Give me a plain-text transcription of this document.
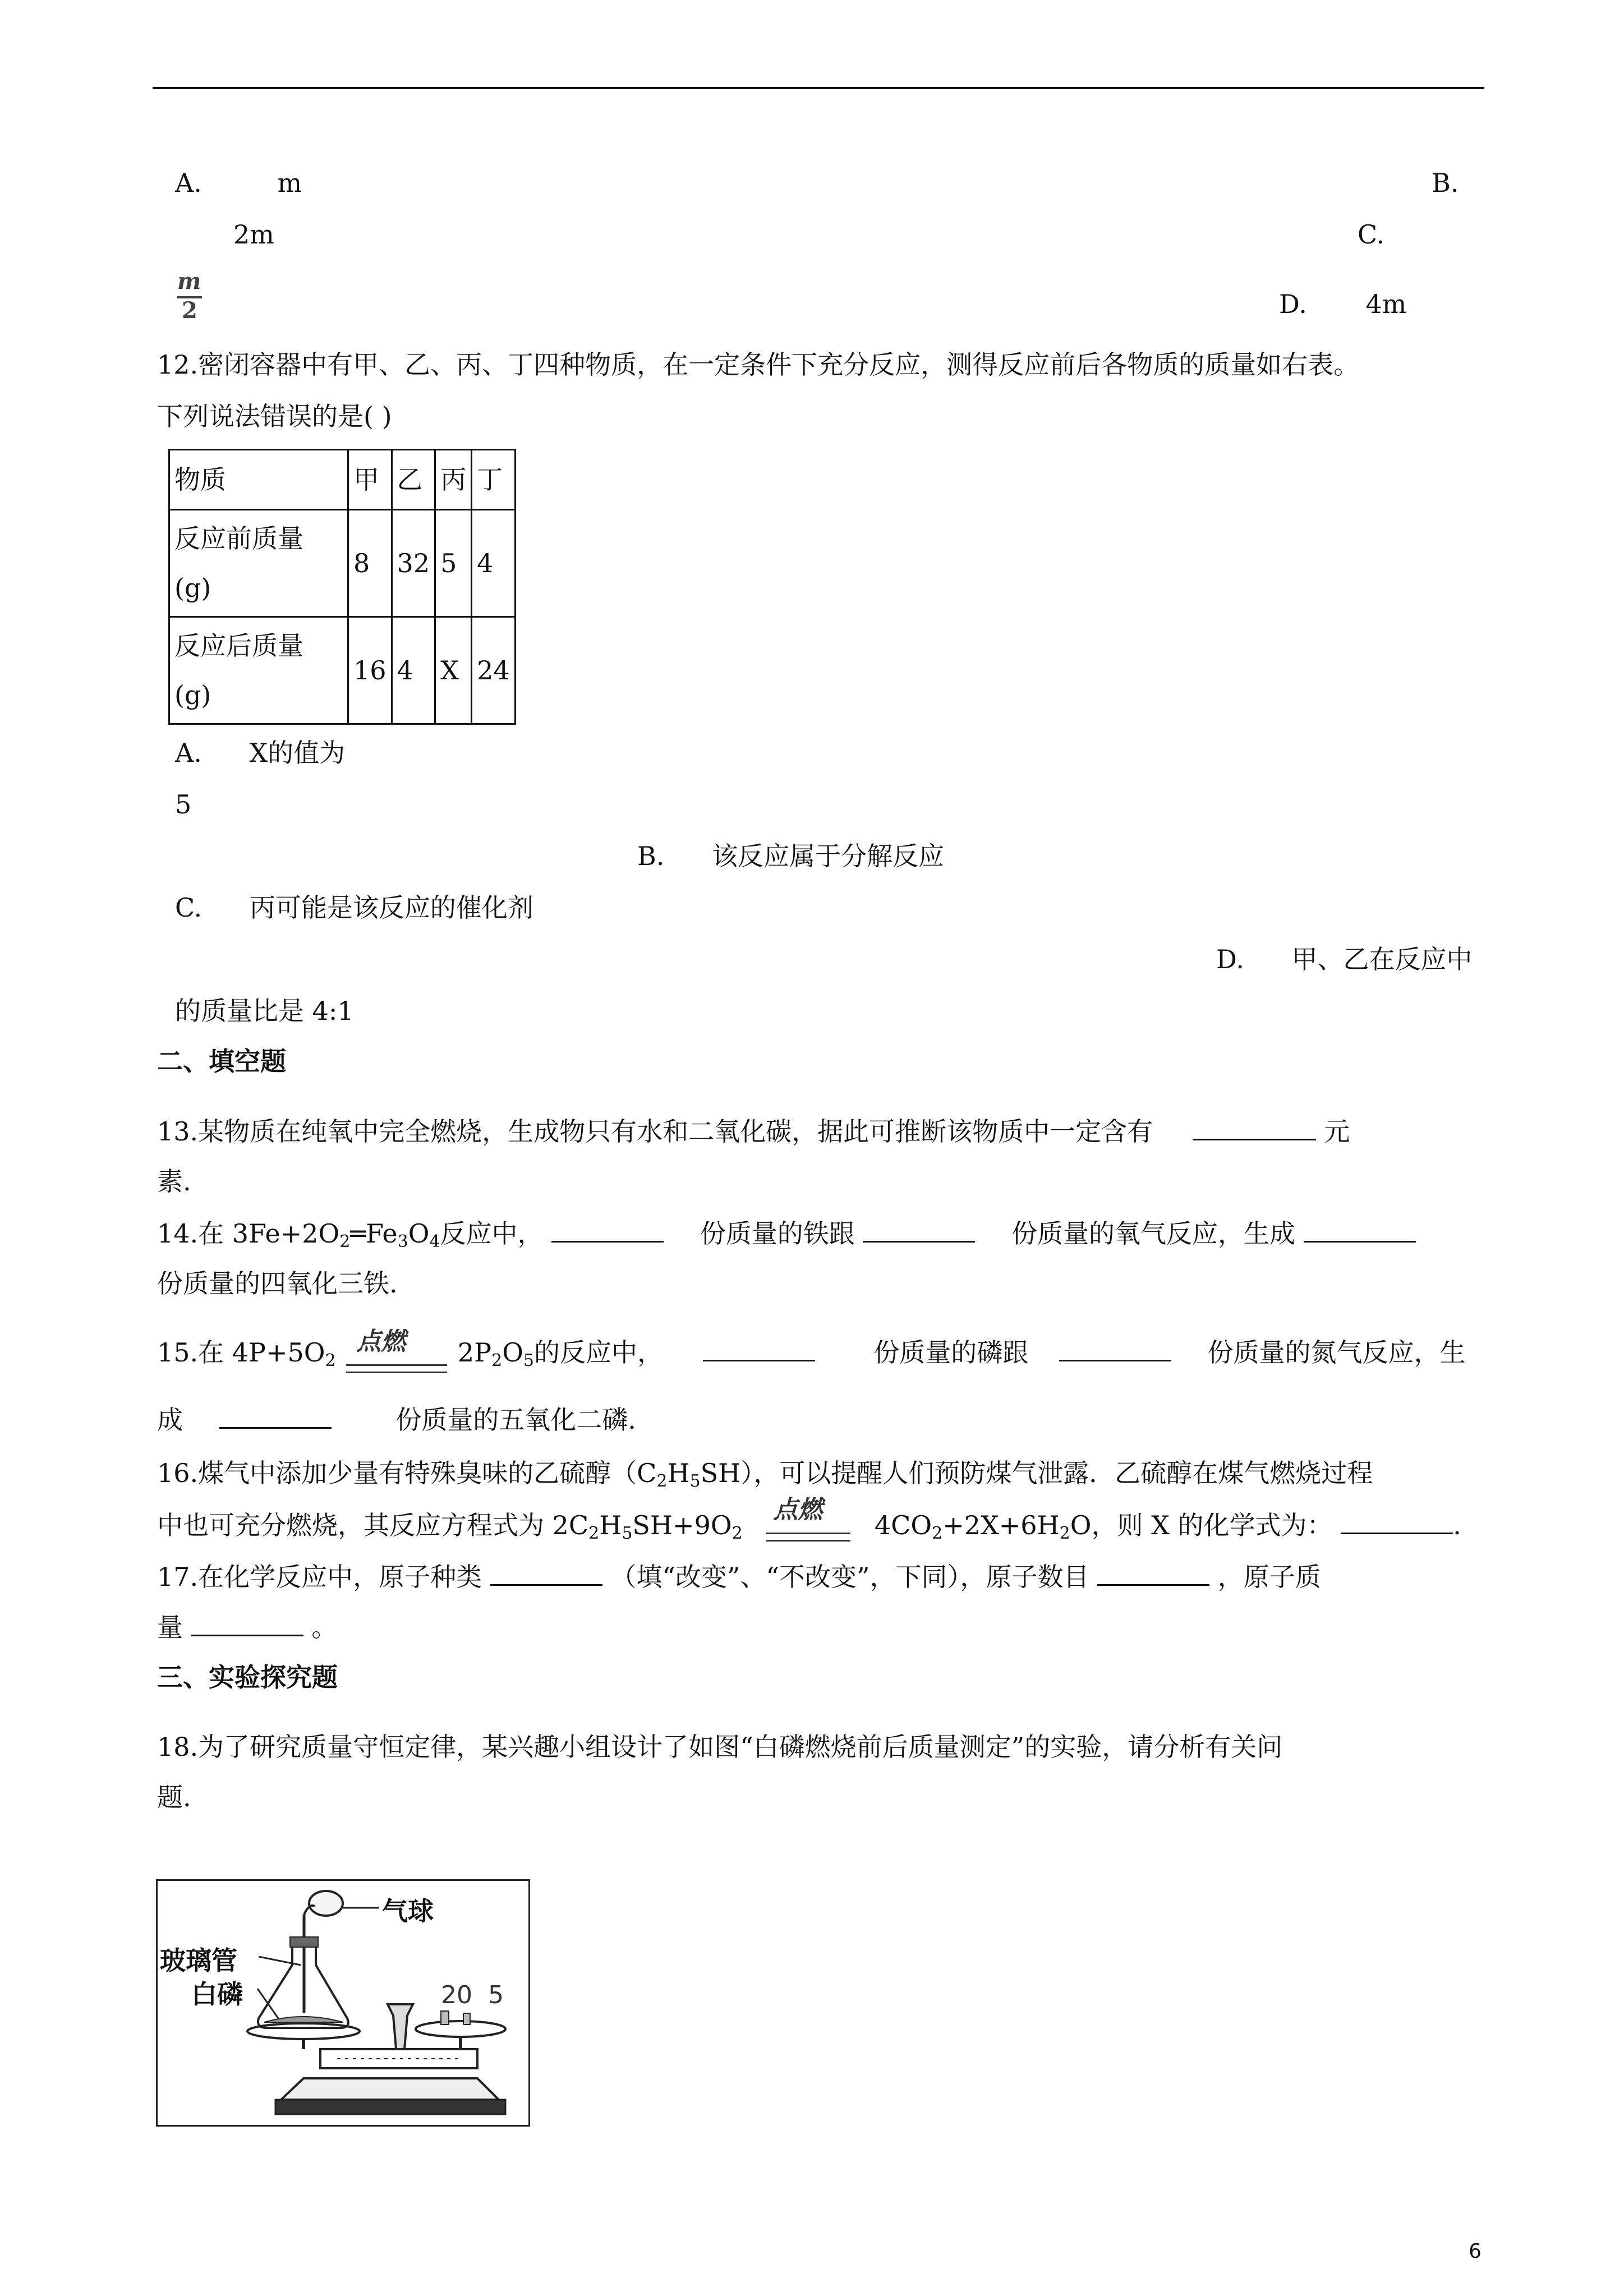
A.	m	B.
2m	C.
m
2	D. 4m
12.密闭容器中有甲、乙、丙、丁四种物质，在一定条件下充分反应，测得反应前后各物质的质量如右表。
下列说法错误的是( )
物质	甲	乙	丙	丁

反应前质量
(g)	8	32	5	4

反应后质量
(g)	16	4	X	24
A. X的值为
5
B. 该反应属于分解反应
C. 丙可能是该反应的催化剂
D. 甲、乙在反应中
的质量比是 4:1
二、填空题
13.某物质在纯氧中完全燃烧，生成物只有水和二氧化碳，据此可推断该物质中一定含有	元
素.
14.在 $3Fe+2O_2═Fe_3O_4$反应中，	份质量的铁跟	份质量的氧气反应，生成
份质量的四氧化三铁.
15.在 $4P+5O_2$
点燃 $2P_2O_5$的反应中，	份质量的磷跟	份质量的氮气反应，生
成	份质量的五氧化二磷.
16.煤气中添加少量有特殊臭味的乙硫醇$(C_2H_5SH)$，可以提醒人们预防煤气泄露．乙硫醇在煤气燃烧过程
中也可充分燃烧，其反应方程式为 $2C_2H_5SH+9O_2$
点燃
$4CO_2+2X+6H_2O$，则 X 的化学式为：	.
17.在化学反应中，原子种类	（填“改变”、“不改变”，下同），原子数目	，原子质
量	。
三、实验探究题
18.为了研究质量守恒定律，某兴趣小组设计了如图“白磷燃烧前后质量测定”的实验，请分析有关问
题.
气球
玻璃管
白磷	20  5
6
